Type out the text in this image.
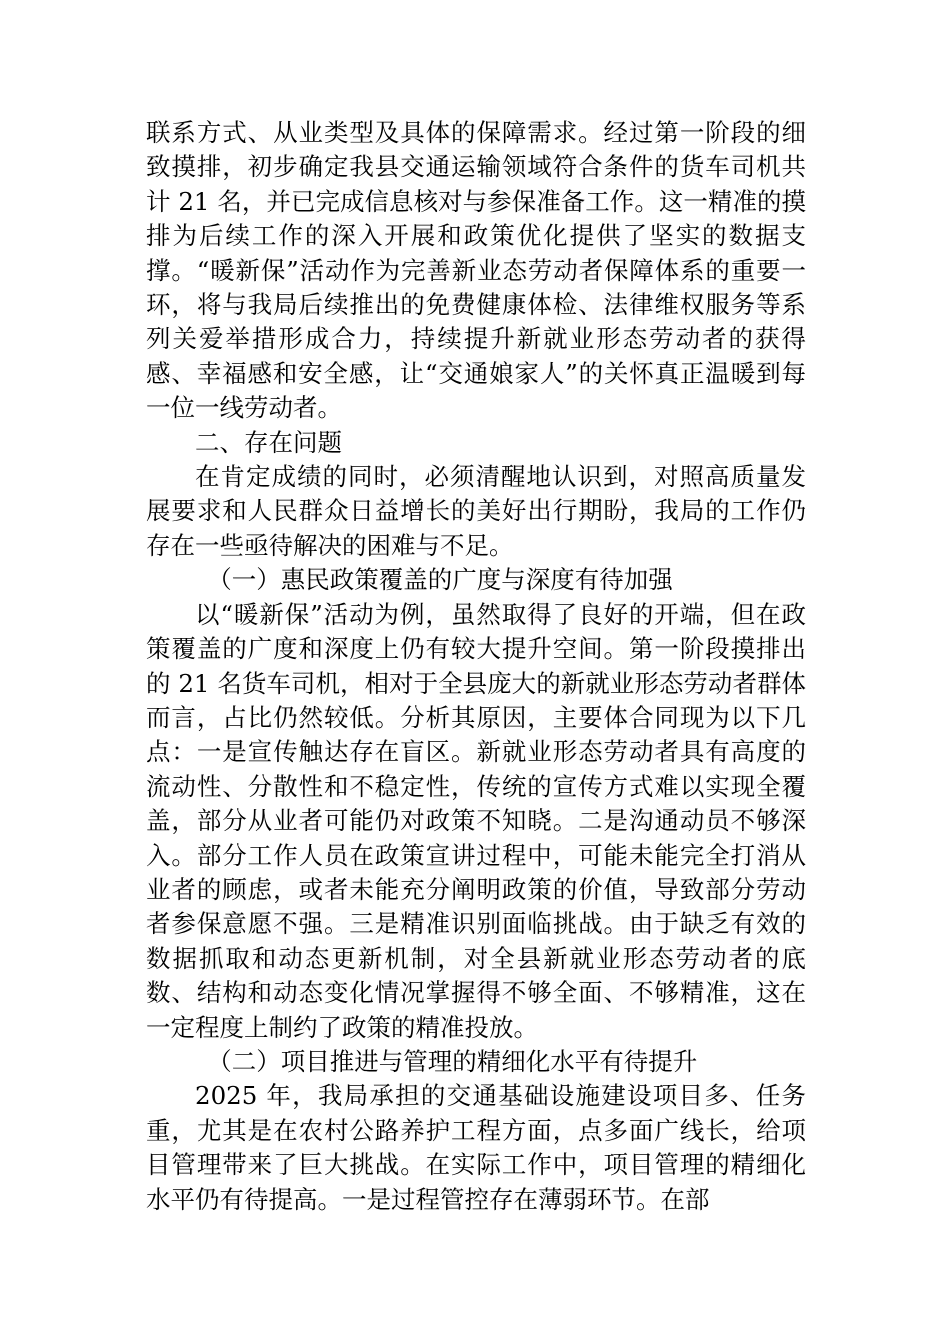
联系方式、从业类型及具体的保障需求。经过第一阶段的细致摸排，初步确定我县交通运输领域符合条件的货车司机共计 21 名，并已完成信息核对与参保准备工作。这一精准的摸排为后续工作的深入开展和政策优化提供了坚实的数据支撑。“暖新保”活动作为完善新业态劳动者保障体系的重要一环，将与我局后续推出的免费健康体检、法律维权服务等系列关爱举措形成合力，持续提升新就业形态劳动者的获得感、幸福感和安全感，让“交通娘家人”的关怀真正温暖到每一位一线劳动者。

二、存在问题

在肯定成绩的同时，必须清醒地认识到，对照高质量发展要求和人民群众日益增长的美好出行期盼，我局的工作仍存在一些亟待解决的困难与不足。

（一）惠民政策覆盖的广度与深度有待加强

以“暖新保”活动为例，虽然取得了良好的开端，但在政策覆盖的广度和深度上仍有较大提升空间。第一阶段摸排出的 21 名货车司机，相对于全县庞大的新就业形态劳动者群体而言，占比仍然较低。分析其原因，主要体合同现为以下几点：一是宣传触达存在盲区。新就业形态劳动者具有高度的流动性、分散性和不稳定性，传统的宣传方式难以实现全覆盖，部分从业者可能仍对政策不知晓。二是沟通动员不够深入。部分工作人员在政策宣讲过程中，可能未能完全打消从业者的顾虑，或者未能充分阐明政策的价值，导致部分劳动者参保意愿不强。三是精准识别面临挑战。由于缺乏有效的数据抓取和动态更新机制，对全县新就业形态劳动者的底数、结构和动态变化情况掌握得不够全面、不够精准，这在一定程度上制约了政策的精准投放。

（二）项目推进与管理的精细化水平有待提升

2025 年，我局承担的交通基础设施建设项目多、任务重，尤其是在农村公路养护工程方面，点多面广线长，给项目管理带来了巨大挑战。在实际工作中，项目管理的精细化水平仍有待提高。一是过程管控存在薄弱环节。在部
